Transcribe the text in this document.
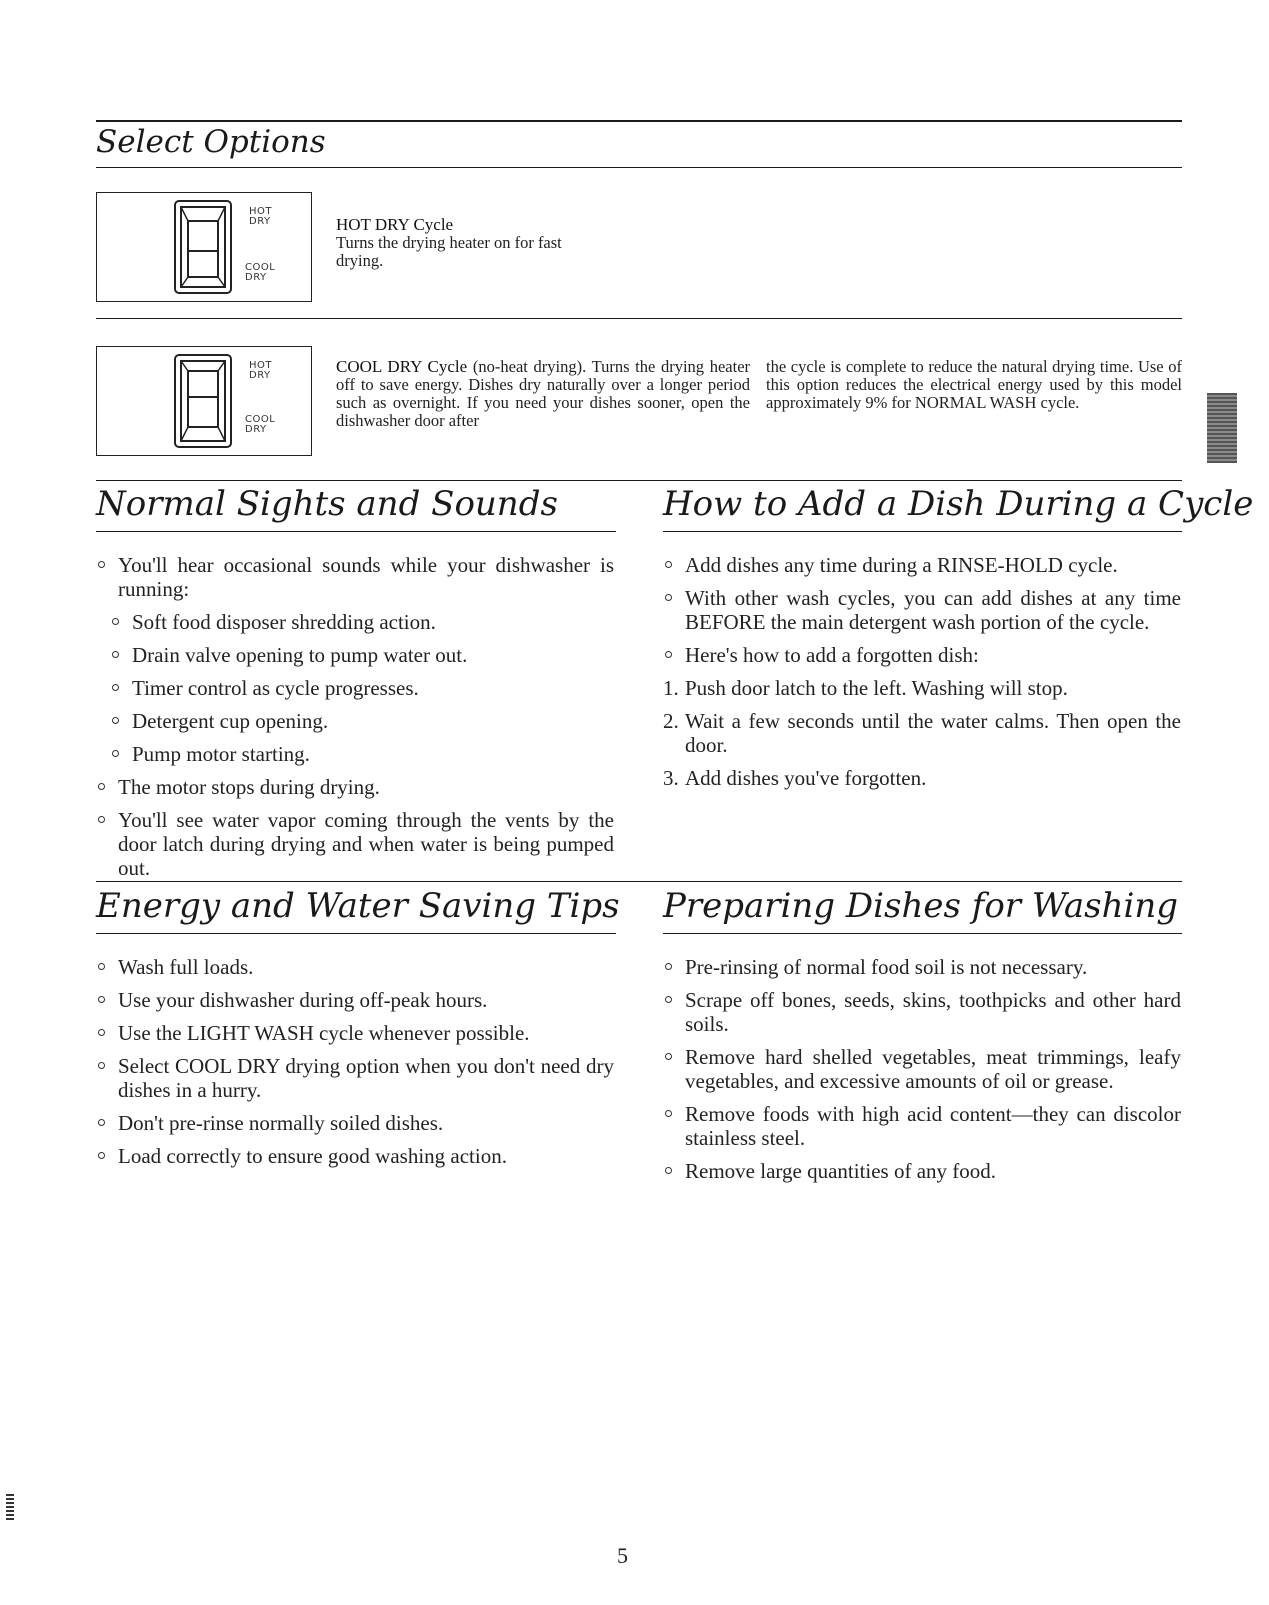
Select Options
HOT
DRY
COOL
DRY
HOT DRY Cycle
Turns the drying heater on for fast drying.
HOT
DRY
COOL
DRY
COOL DRY Cycle (no-heat drying). Turns the drying heater off to save energy. Dishes dry naturally over a longer period such as overnight. If you need your dishes sooner, open the dishwasher door after
the cycle is complete to reduce the natural drying time. Use of this option reduces the electrical energy used by this model approximately 9% for NORMAL WASH cycle.
Normal Sights and Sounds
You'll hear occasional sounds while your dishwasher is running:
Soft food disposer shredding action.
Drain valve opening to pump water out.
Timer control as cycle progresses.
Detergent cup opening.
Pump motor starting.
The motor stops during drying.
You'll see water vapor coming through the vents by the door latch during drying and when water is being pumped out.
How to Add a Dish During a Cycle
Add dishes any time during a RINSE-HOLD cycle.
With other wash cycles, you can add dishes at any time BEFORE the main detergent wash portion of the cycle.
Here's how to add a forgotten dish:
1. Push door latch to the left. Washing will stop.
2. Wait a few seconds until the water calms. Then open the door.
3. Add dishes you've forgotten.
Energy and Water Saving Tips
Wash full loads.
Use your dishwasher during off-peak hours.
Use the LIGHT WASH cycle whenever possible.
Select COOL DRY drying option when you don't need dry dishes in a hurry.
Don't pre-rinse normally soiled dishes.
Load correctly to ensure good washing action.
Preparing Dishes for Washing
Pre-rinsing of normal food soil is not necessary.
Scrape off bones, seeds, skins, toothpicks and other hard soils.
Remove hard shelled vegetables, meat trimmings, leafy vegetables, and excessive amounts of oil or grease.
Remove foods with high acid content—they can discolor stainless steel.
Remove large quantities of any food.
5
